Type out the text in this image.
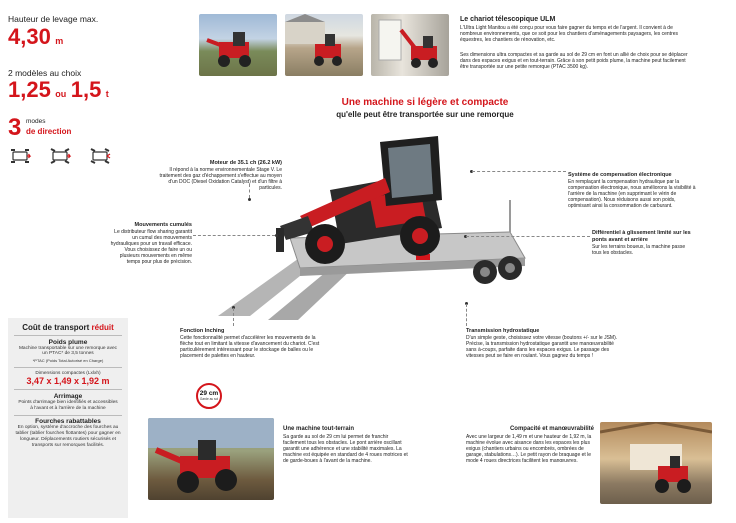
Hauteur de levage max.
4,30 m
2 modèles au choix
1,25 ou 1,5 t
3 modes
de direction
Le chariot télescopique ULM
L'Ultra Light Manitou a été conçu pour vous faire gagner du temps et de l'argent. Il convient à de nombreux environnements, que ce soit pour les chantiers d'aménagements paysagers, les centres équestres, les chantiers de rénovation, etc.
Ses dimensions ultra compactes et sa garde au sol de 29 cm en font un allié de choix pour se déplacer dans des espaces exigus et en tout-terrain. Grâce à son petit poids plume, la machine peut facilement être transportée sur une petite remorque (PTAC 3500 kg).
Une machine si légère et compacte
qu'elle peut être transportée sur une remorque
Moteur de 35.1 ch (26.2 kW)
Il répond à la norme environnementale Stage V. Le traitement des gaz d'échappement s'effectue au moyen d'un DOC (Diesel Oxidation Catalyst) et d'un filtre à particules.
Système de compensation électronique
En remplaçant la compensation hydraulique par la compensation électronique, nous améliorons la visibilité à l'arrière de la machine (en supprimant le vérin de compensation). Nous réduisons aussi son poids, optimisant ainsi la consommation de carburant.
Mouvements cumulés
Le distributeur flow sharing garantit un cumul des mouvements hydrauliques pour un travail efficace. Vous choisissez de faire un ou plusieurs mouvements en même temps pour plus de précision.
Différentiel à glissement limité sur les ponts avant et arrière
Sur les terrains boueux, la machine passe tous les obstacles.
Fonction Inching
Cette fonctionnalité permet d'accélérer les mouvements de la flèche tout en limitant la vitesse d'avancement du chariot. C'est particulièrement intéressant pour le stockage de balles ou le placement de palettes en hauteur.
Transmission hydrostatique
D'un simple geste, choisissez votre vitesse (boutons +/- sur le JSM). Précise, la transmission hydrostatique garantit une manœuvrabilité sans à-coups, parfaite dans les espaces exigus. Le passage des vitesses peut se faire en roulant. Vous gagnez du temps !
Coût de transport réduit
Poids plume
Machine transportable sur une remorque avec un PTAC* de 3,5 tonnes
*PTAC (Poids Total Autorisé en Charge)
Dimensions compactes (Lxlxh)
3,47 x 1,49 x 1,92 m
Arrimage
Points d'arrimage bien identifiés et accessibles à l'avant et à l'arrière de la machine
Fourches rabattables
En option, système d'accroche des fourches au tablier (tablier fourches flottantes) pour gagner en longueur. Déplacements routiers sécurisés et transports sur remorques facilités.
29 cm
Garde au sol
Une machine tout-terrain
Sa garde au sol de 29 cm lui permet de franchir facilement tous les obstacles. Le pont arrière oscillant garantit une adhérence et une stabilité maximales. La machine est équipée en standard de 4 roues motrices et de garde-boues à l'avant de la machine.
Compacité et manœuvrabilité
Avec une largeur de 1,49 m et une hauteur de 1,92 m, la machine évolue avec aisance dans les espaces les plus exigus (chantiers urbains ou encombrés, ombrées de garage, stabulations…). Le petit rayon de braquage et le mode 4 roues directrices facilitent les manœuvres.
